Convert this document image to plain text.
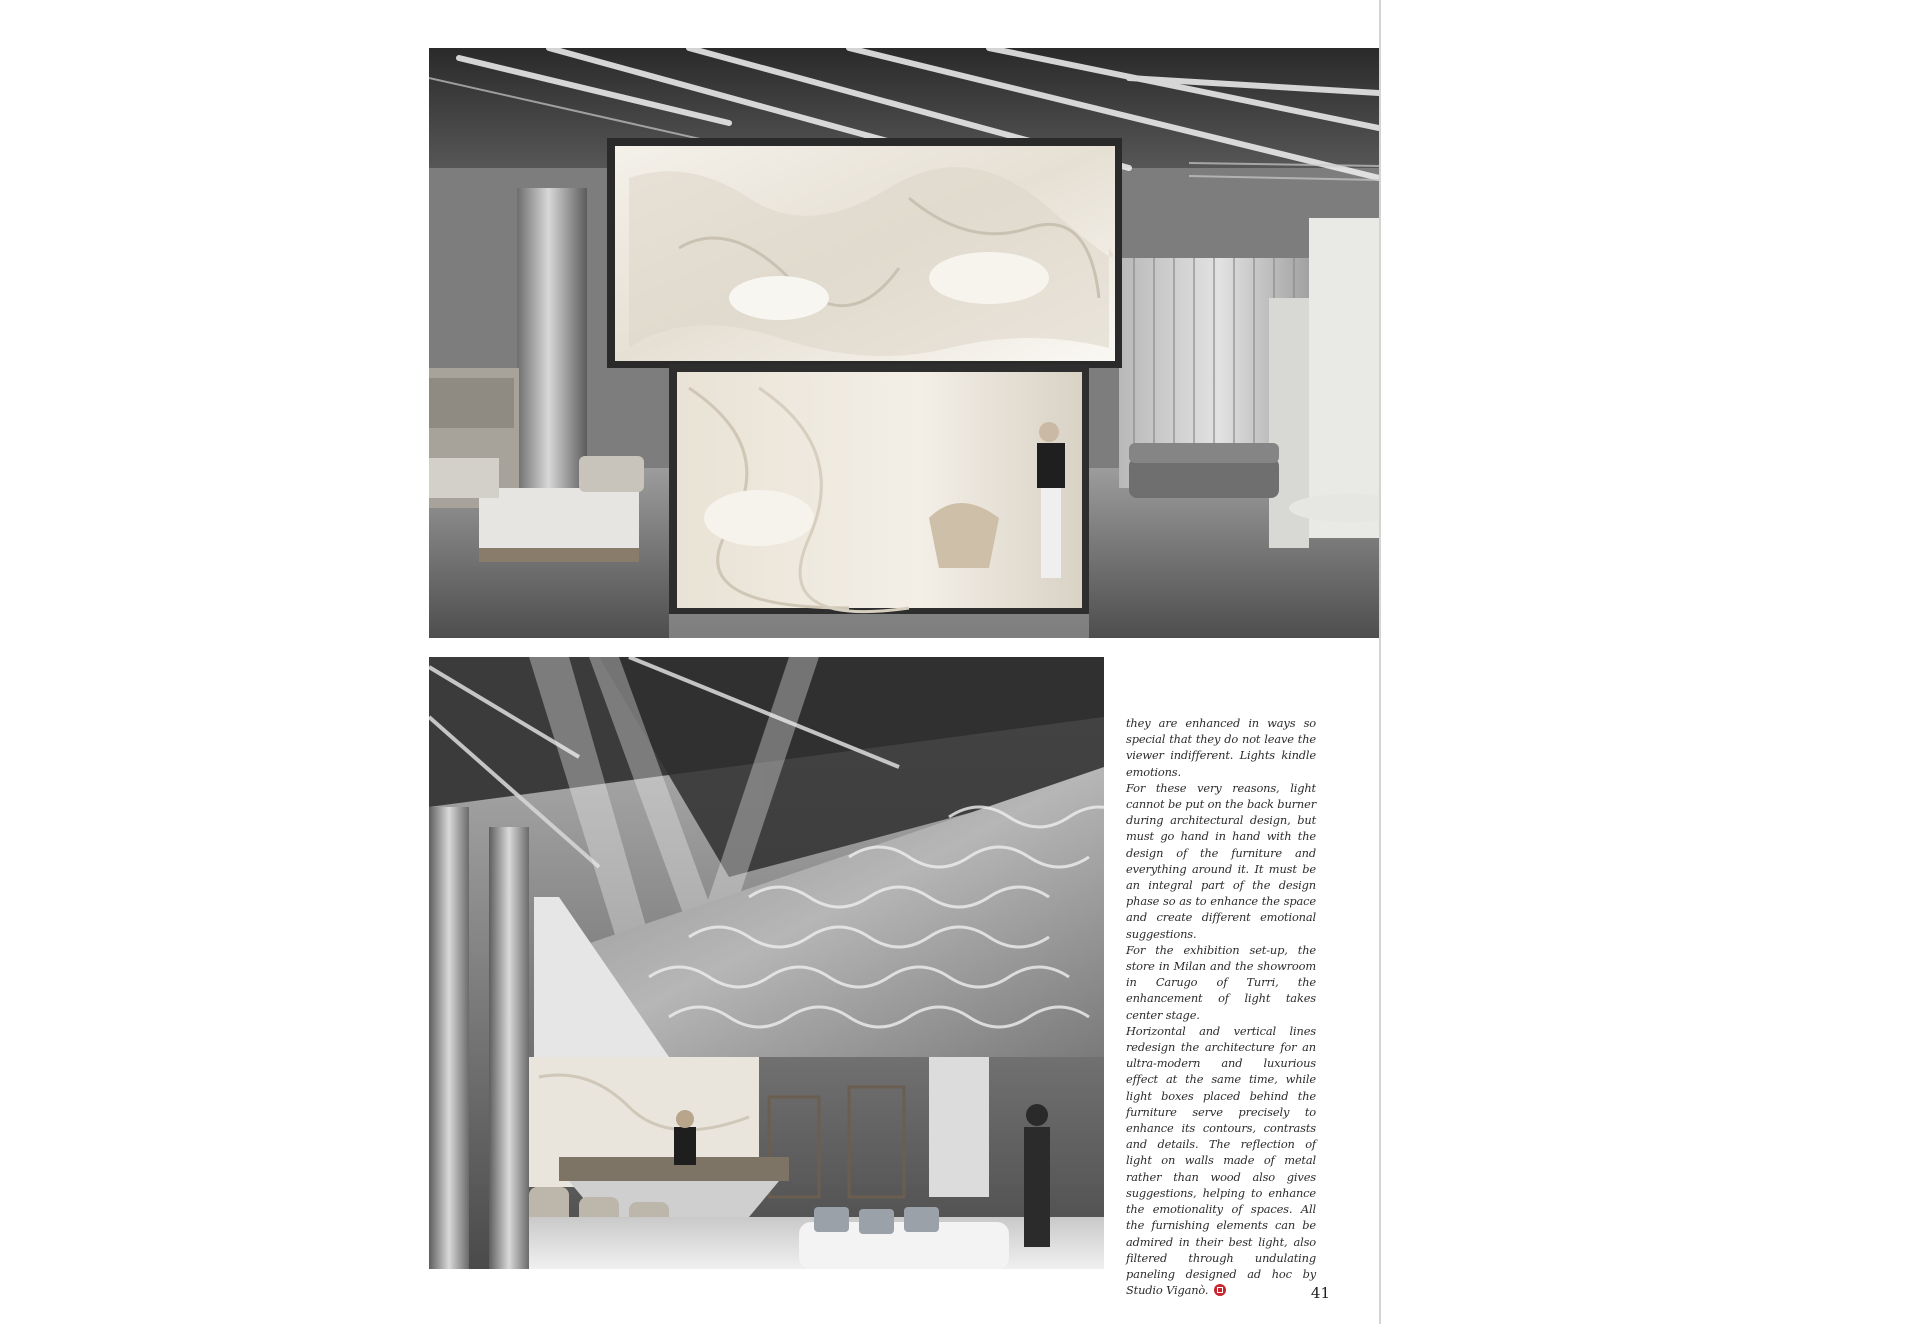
they are enhanced in ways so special that they do not leave the viewer indifferent. Lights kindle emotions.

For these very reasons, light cannot be put on the back burner during architectural design, but must go hand in hand with the design of the furniture and everything around it. It must be an integral part of the design phase so as to enhance the space and create different emotional suggestions.

For the exhibition set-up, the store in Milan and the showroom in Carugo of Turri, the enhancement of light takes center stage.

Horizontal and vertical lines redesign the architecture for an ultra-modern and luxurious effect at the same time, while light boxes placed behind the furniture serve precisely to enhance its contours, contrasts and details. The reflection of light on walls made of metal rather than wood also gives suggestions, helping to enhance the emotionality of spaces. All the furnishing elements can be admired in their best light, also filtered through undulating paneling designed ad hoc by Studio Viganò.	41
